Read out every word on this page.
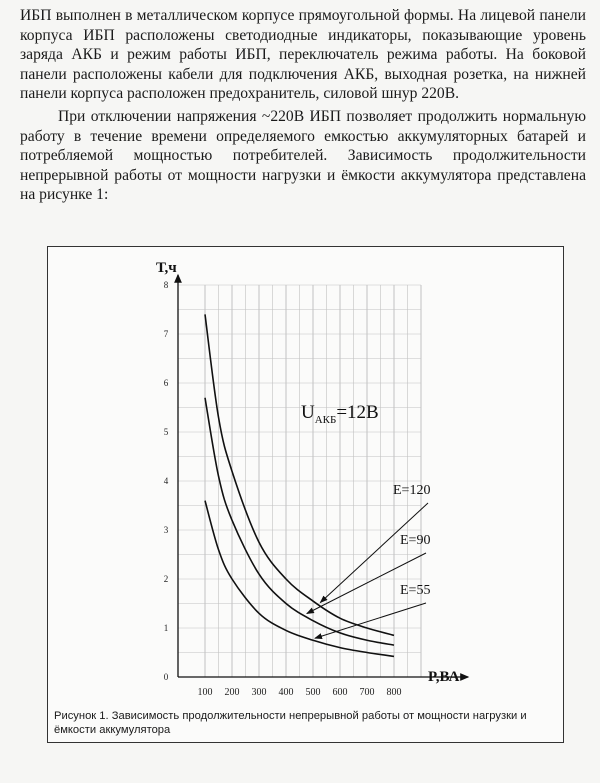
ИБП выполнен в металлическом корпусе прямоугольной формы. На лицевой панели корпуса ИБП расположены светодиодные индикаторы, показывающие уровень заряда АКБ и режим работы ИБП, переключатель режима работы. На боковой панели расположены кабели для подключения АКБ, выходная розетка, на нижней панели корпуса расположен предохранитель, силовой шнур 220В.

При отключении напряжения ~220В ИБП позволяет продолжить нормальную работу в течение времени определяемого емкостью аккумуляторных батарей и потребляемой мощностью потребителей. Зависимость продолжительности непрерывной работы от мощности нагрузки и ёмкости аккумулятора представлена на рисунке 1:

0
1
2
3
4
5
6
7
8
100 200 300 400 500 600 700 800
Т,ч
P,ВА
E=120
E=90
E=55
$U_{АКБ}=12В$
Рисунок 1. Зависимость продолжительности непрерывной работы от мощности нагрузки и ёмкости аккумулятора
